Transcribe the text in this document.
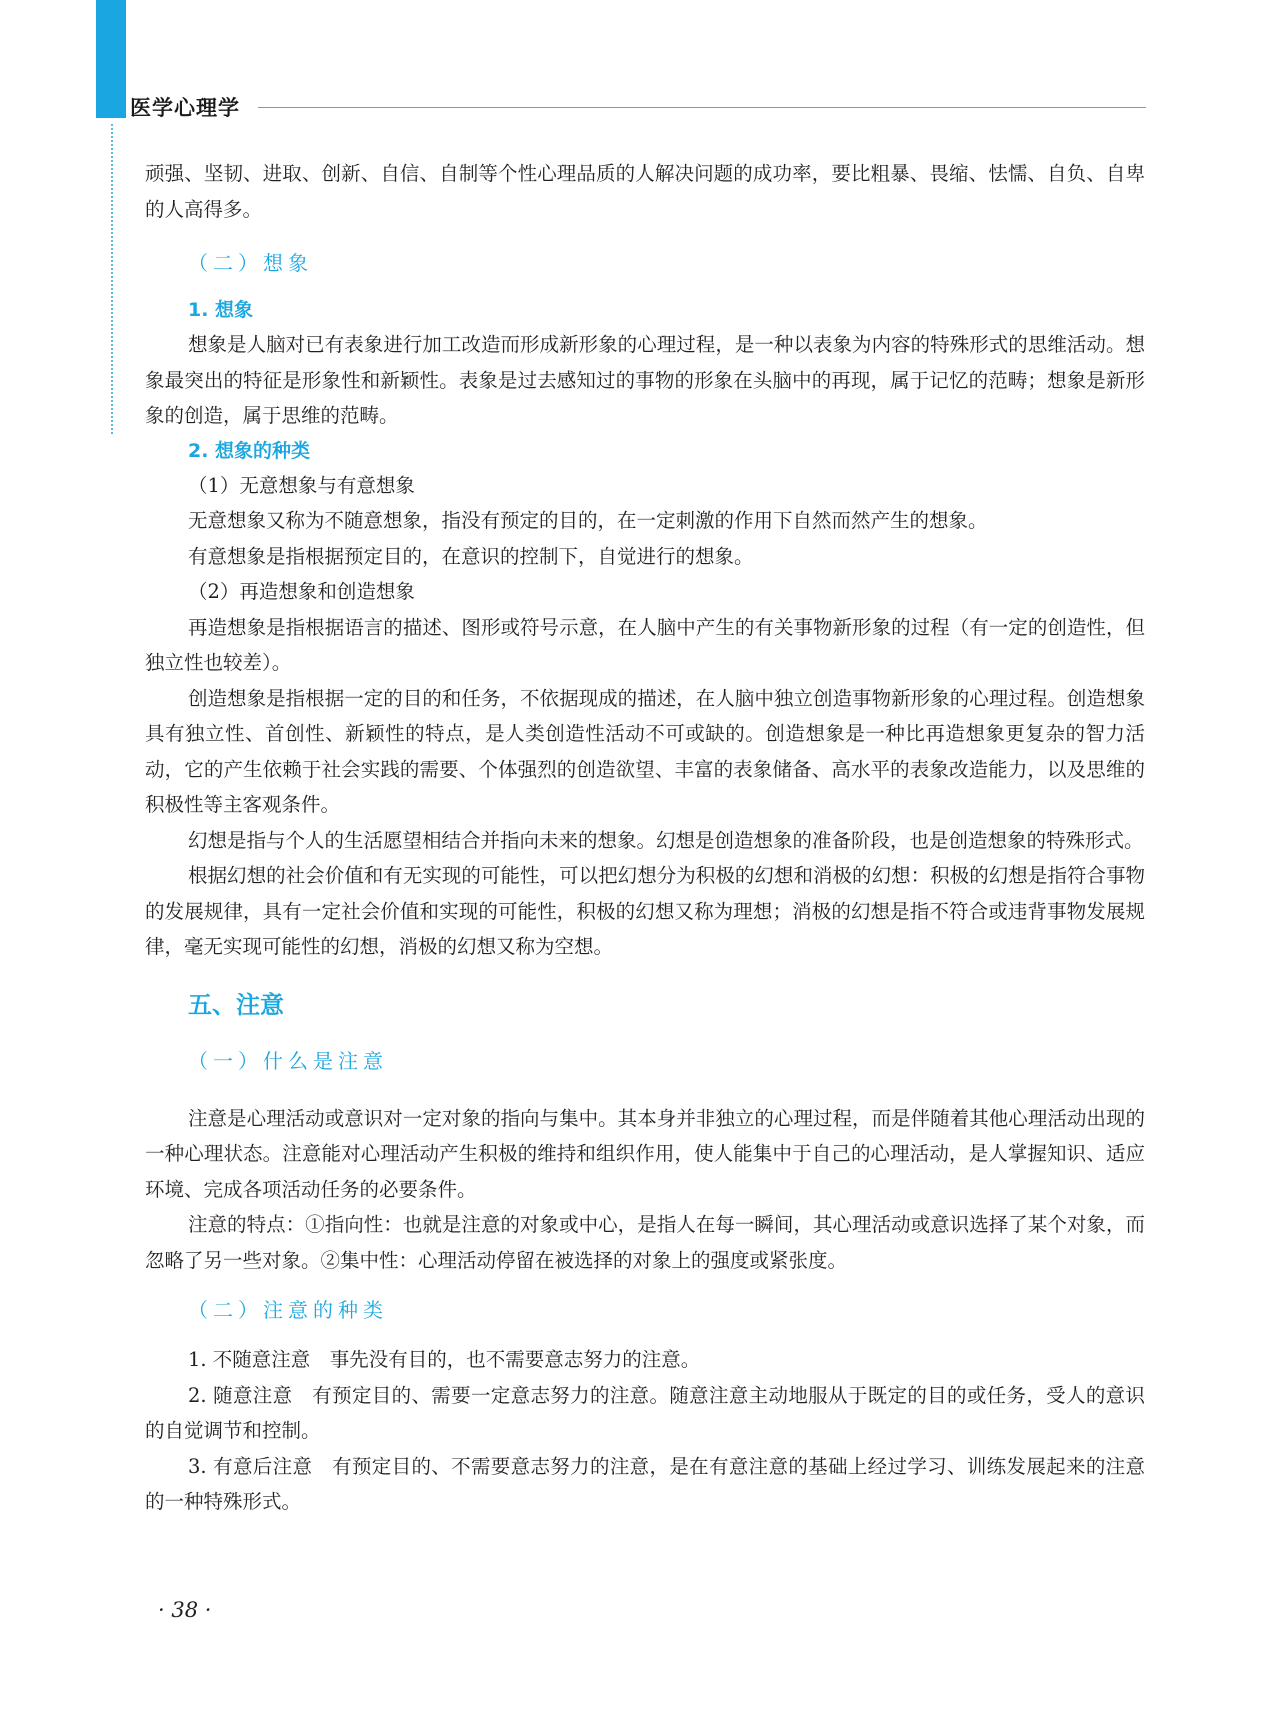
医学心理学

顽强、坚韧、进取、创新、自信、自制等个性心理品质的人解决问题的成功率，要比粗暴、畏缩、怯懦、自负、自卑的人高得多。

（二）想象
1. 想象

想象是人脑对已有表象进行加工改造而形成新形象的心理过程，是一种以表象为内容的特殊形式的思维活动。想象最突出的特征是形象性和新颖性。表象是过去感知过的事物的形象在头脑中的再现，属于记忆的范畴；想象是新形象的创造，属于思维的范畴。

2. 想象的种类

（1）无意想象与有意想象

无意想象又称为不随意想象，指没有预定的目的，在一定刺激的作用下自然而然产生的想象。

有意想象是指根据预定目的，在意识的控制下，自觉进行的想象。

（2）再造想象和创造想象

再造想象是指根据语言的描述、图形或符号示意，在人脑中产生的有关事物新形象的过程（有一定的创造性，但独立性也较差）。

创造想象是指根据一定的目的和任务，不依据现成的描述，在人脑中独立创造事物新形象的心理过程。创造想象具有独立性、首创性、新颖性的特点，是人类创造性活动不可或缺的。创造想象是一种比再造想象更复杂的智力活动，它的产生依赖于社会实践的需要、个体强烈的创造欲望、丰富的表象储备、高水平的表象改造能力，以及思维的积极性等主客观条件。

幻想是指与个人的生活愿望相结合并指向未来的想象。幻想是创造想象的准备阶段，也是创造想象的特殊形式。

根据幻想的社会价值和有无实现的可能性，可以把幻想分为积极的幻想和消极的幻想：积极的幻想是指符合事物的发展规律，具有一定社会价值和实现的可能性，积极的幻想又称为理想；消极的幻想是指不符合或违背事物发展规律，毫无实现可能性的幻想，消极的幻想又称为空想。

五、注意
（一）什么是注意

注意是心理活动或意识对一定对象的指向与集中。其本身并非独立的心理过程，而是伴随着其他心理活动出现的一种心理状态。注意能对心理活动产生积极的维持和组织作用，使人能集中于自己的心理活动，是人掌握知识、适应环境、完成各项活动任务的必要条件。

注意的特点：①指向性：也就是注意的对象或中心，是指人在每一瞬间，其心理活动或意识选择了某个对象，而忽略了另一些对象。②集中性：心理活动停留在被选择的对象上的强度或紧张度。

（二）注意的种类

1. 不随意注意　事先没有目的，也不需要意志努力的注意。

2. 随意注意　有预定目的、需要一定意志努力的注意。随意注意主动地服从于既定的目的或任务，受人的意识的自觉调节和控制。

3. 有意后注意　有预定目的、不需要意志努力的注意，是在有意注意的基础上经过学习、训练发展起来的注意的一种特殊形式。

· 38 ·
